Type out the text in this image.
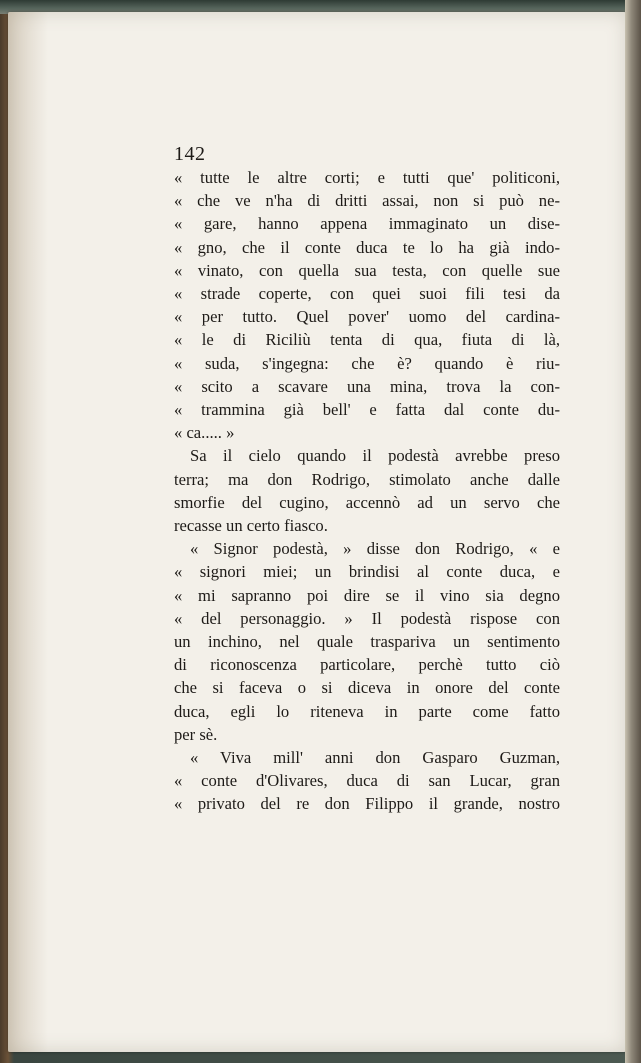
142
« tutte le altre corti; e tutti que' politiconi,
« che ve n'ha di dritti assai, non si può ne-
« gare, hanno appena immaginato un dise-
« gno, che il conte duca te lo ha già indo-
« vinato, con quella sua testa, con quelle sue
« strade coperte, con quei suoi fili tesi da
« per tutto. Quel pover' uomo del cardina-
« le di Riciliù tenta di qua, fiuta di là,
« suda, s'ingegna: che è? quando è riu-
« scito a scavare una mina, trova la con-
« trammina già bell' e fatta dal conte du-
« ca..... »
Sa il cielo quando il podestà avrebbe preso
terra; ma don Rodrigo, stimolato anche dalle
smorfie del cugino, accennò ad un servo che
recasse un certo fiasco.
« Signor podestà, » disse don Rodrigo, « e
« signori miei; un brindisi al conte duca, e
« mi sapranno poi dire se il vino sia degno
« del personaggio. » Il podestà rispose con
un inchino, nel quale traspariva un sentimento
di riconoscenza particolare, perchè tutto ciò
che si faceva o si diceva in onore del conte
duca, egli lo riteneva in parte come fatto
per sè.
« Viva mill' anni don Gasparo Guzman,
« conte d'Olivares, duca di san Lucar, gran
« privato del re don Filippo il grande, nostro
